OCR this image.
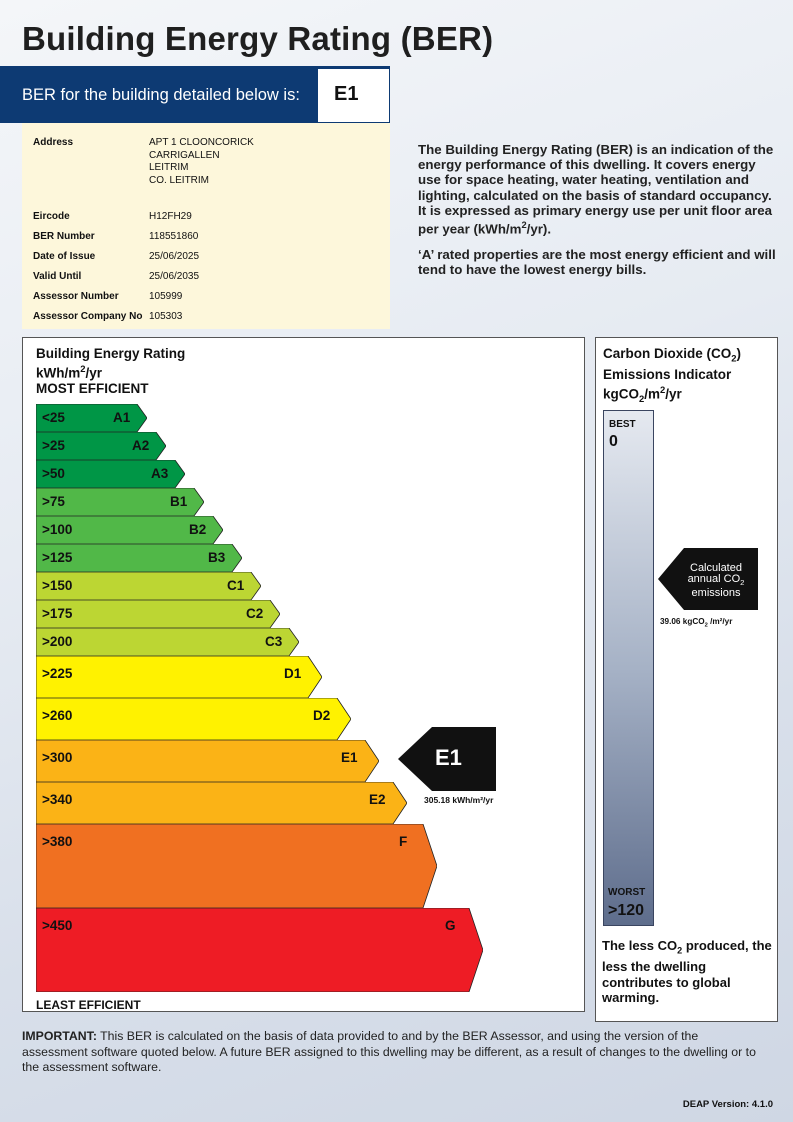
Building Energy Rating (BER)
BER for the building detailed below is:	E1
Address	APT 1 CLOONCORICK
CARRIGALLEN
LEITRIM
CO. LEITRIM
Eircode	H12FH29
BER Number	118551860
Date of Issue	25/06/2025
Valid Until	25/06/2035
Assessor Number	105999
Assessor Company No 105303

The Building Energy Rating (BER) is an indication of the energy performance of this dwelling. It covers energy use for space heating, water heating, ventilation and lighting, calculated on the basis of standard occupancy. It is expressed as primary energy use per unit floor area per year $(kWh/m^2/yr)$.

‘A’ rated properties are the most energy efficient and will tend to have the lowest energy bills.

Building Energy Rating
kWh/$m^2/yr$
MOST EFFICIENT
<25	A1
>25	A2
>50	A3
>75	B1
>100	B2
>125	B3
>150	C1
>175	C2
>200	C3
>225	D1
>260	D2
>300	E1
>340	E2
>380	F
>450	G
LEAST EFFICIENT
E1
305.18 kWh/m²/yr
Carbon Dioxide $(CO_2)$
Emissions Indicator
$kgCO_2/m^2/yr$
BEST
0
WORST
>120
Calculated
annual $CO_2$
emissions
39.06 kgCO$_2$ /m²/yr
The less $CO_2$ produced, the less the dwelling contributes to global warming.
IMPORTANT: This BER is calculated on the basis of data provided to and by the BER Assessor, and using the version of the assessment software quoted below. A future BER assigned to this dwelling may be different, as a result of changes to the dwelling or to the assessment software.
DEAP Version: 4.1.0
